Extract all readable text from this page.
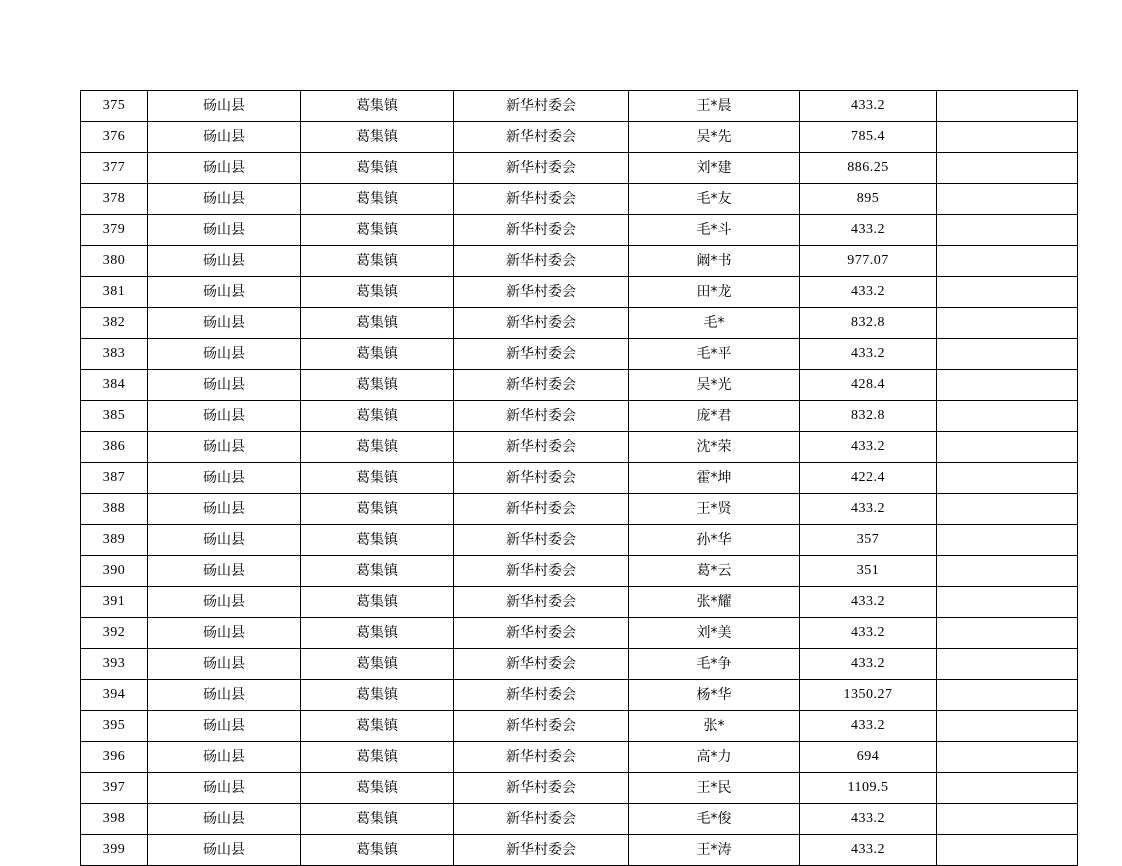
375	砀山县	葛集镇	新华村委会	王*晨	433.2	
376	砀山县	葛集镇	新华村委会	吴*先	785.4	
377	砀山县	葛集镇	新华村委会	刘*建	886.25	
378	砀山县	葛集镇	新华村委会	毛*友	895	
379	砀山县	葛集镇	新华村委会	毛*斗	433.2	
380	砀山县	葛集镇	新华村委会	阚*书	977.07	
381	砀山县	葛集镇	新华村委会	田*龙	433.2	
382	砀山县	葛集镇	新华村委会	毛*	832.8	
383	砀山县	葛集镇	新华村委会	毛*平	433.2	
384	砀山县	葛集镇	新华村委会	吴*光	428.4	
385	砀山县	葛集镇	新华村委会	庞*君	832.8	
386	砀山县	葛集镇	新华村委会	沈*荣	433.2	
387	砀山县	葛集镇	新华村委会	霍*坤	422.4	
388	砀山县	葛集镇	新华村委会	王*贤	433.2	
389	砀山县	葛集镇	新华村委会	孙*华	357	
390	砀山县	葛集镇	新华村委会	葛*云	351	
391	砀山县	葛集镇	新华村委会	张*耀	433.2	
392	砀山县	葛集镇	新华村委会	刘*美	433.2	
393	砀山县	葛集镇	新华村委会	毛*争	433.2	
394	砀山县	葛集镇	新华村委会	杨*华	1350.27	
395	砀山县	葛集镇	新华村委会	张*	433.2	
396	砀山县	葛集镇	新华村委会	高*力	694	
397	砀山县	葛集镇	新华村委会	王*民	1109.5	
398	砀山县	葛集镇	新华村委会	毛*俊	433.2	
399	砀山县	葛集镇	新华村委会	王*涛	433.2	
